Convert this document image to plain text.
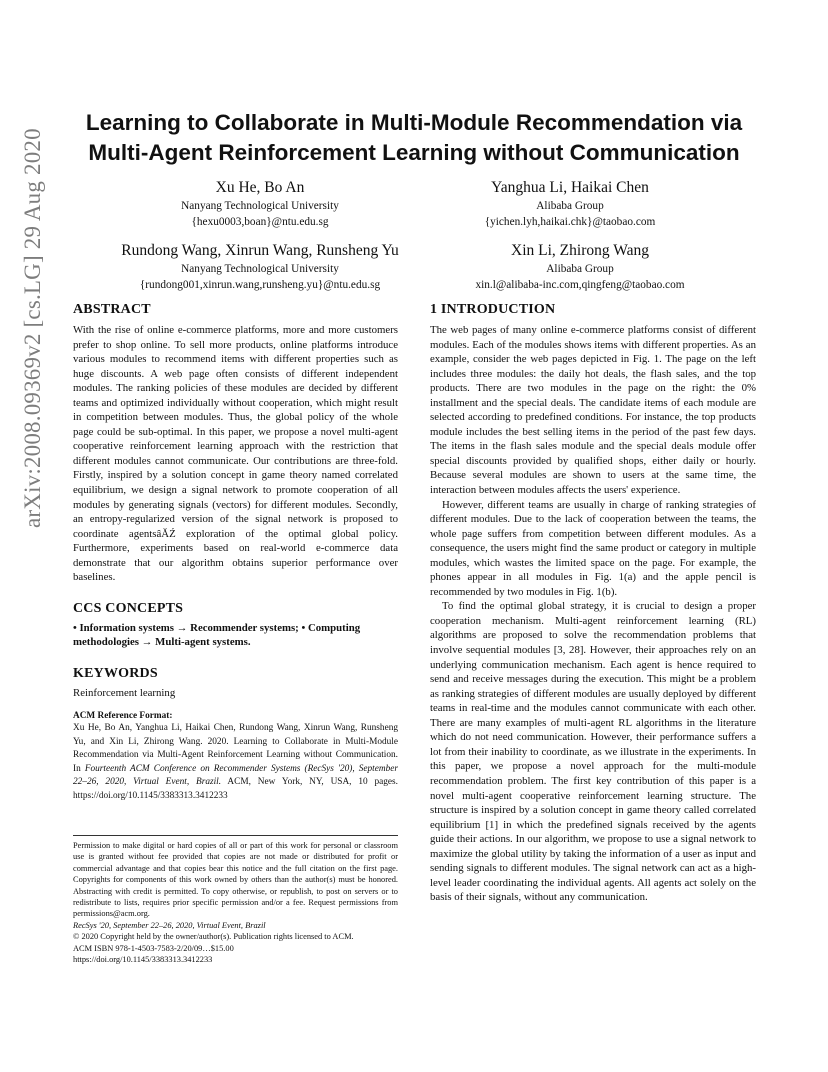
Learning to Collaborate in Multi-Module Recommendation via
Multi-Agent Reinforcement Learning without Communication
Xu He, Bo An
Nanyang Technological University
{hexu0003,boan}@ntu.edu.sg
Yanghua Li, Haikai Chen
Alibaba Group
{yichen.lyh,haikai.chk}@taobao.com
Rundong Wang, Xinrun Wang, Runsheng Yu
Nanyang Technological University
{rundong001,xinrun.wang,runsheng.yu}@ntu.edu.sg
Xin Li, Zhirong Wang
Alibaba Group
xin.l@alibaba-inc.com,qingfeng@taobao.com
arXiv:2008.09369v2 [cs.LG] 29 Aug 2020 ABSTRACT

With the rise of online e-commerce platforms, more and more customers prefer to shop online. To sell more products, online platforms introduce various modules to recommend items with different properties such as huge discounts. A web page often consists of different independent modules. The ranking policies of these modules are decided by different teams and optimized individually without cooperation, which might result in competition between modules. Thus, the global policy of the whole page could be sub-optimal. In this paper, we propose a novel multi-agent cooperative reinforcement learning approach with the restriction that different modules cannot communicate. Our contributions are three-fold. Firstly, inspired by a solution concept in game theory named correlated equilibrium, we design a signal network to promote cooperation of all modules by generating signals (vectors) for different modules. Secondly, an entropy-regularized version of the signal network is proposed to coordinate agentsâĂŹ exploration of the optimal global policy. Furthermore, experiments based on real-world e-commerce data demonstrate that our algorithm obtains superior performance over baselines.

CCS CONCEPTS

• Information systems → Recommender systems; • Computing methodologies → Multi-agent systems.

KEYWORDS

Reinforcement learning

ACM Reference Format:

Xu He, Bo An, Yanghua Li, Haikai Chen, Rundong Wang, Xinrun Wang, Runsheng Yu, and Xin Li, Zhirong Wang. 2020. Learning to Collaborate in Multi-Module Recommendation via Multi-Agent Reinforcement Learning without Communication. In Fourteenth ACM Conference on Recommender Systems (RecSys '20), September 22–26, 2020, Virtual Event, Brazil. ACM, New York, NY, USA, 10 pages. https://doi.org/10.1145/3383313.3412233

Permission to make digital or hard copies of all or part of this work for personal or classroom use is granted without fee provided that copies are not made or distributed for profit or commercial advantage and that copies bear this notice and the full citation on the first page. Copyrights for components of this work owned by others than the author(s) must be honored. Abstracting with credit is permitted. To copy otherwise, or republish, to post on servers or to redistribute to lists, requires prior specific permission and/or a fee. Request permissions from permissions@acm.org.

RecSys '20, September 22–26, 2020, Virtual Event, Brazil

© 2020 Copyright held by the owner/author(s). Publication rights licensed to ACM.

ACM ISBN 978-1-4503-7583-2/20/09…$15.00

https://doi.org/10.1145/3383313.3412233

1 INTRODUCTION

The web pages of many online e-commerce platforms consist of different modules. Each of the modules shows items with different properties. As an example, consider the web pages depicted in Fig. 1. The page on the left includes three modules: the daily hot deals, the flash sales, and the top products. There are two modules in the page on the right: the 0% installment and the special deals. The candidate items of each module are selected according to predefined conditions. For instance, the top products module includes the best selling items in the period of the past few days. The items in the flash sales module and the special deals module offer special discounts provided by qualified shops, either daily or hourly. Because several modules are shown to users at the same time, the interaction between modules affects the users' experience.

However, different teams are usually in charge of ranking strategies of different modules. Due to the lack of cooperation between the teams, the whole page suffers from competition between different modules. As a consequence, the users might find the same product or category in multiple modules, which wastes the limited space on the page. For example, the phones appear in all modules in Fig. 1(a) and the apple pencil is recommended by two modules in Fig. 1(b).

To find the optimal global strategy, it is crucial to design a proper cooperation mechanism. Multi-agent reinforcement learning (RL) algorithms are proposed to solve the recommendation problems that involve sequential modules [3, 28]. However, their approaches rely on an underlying communication mechanism. Each agent is hence required to send and receive messages during the execution. This might be a problem as ranking strategies of different modules are usually deployed by different teams in real-time and the modules cannot communicate with each other. There are many examples of multi-agent RL algorithms in the literature which do not need communication. However, their performance suffers a lot from their inability to coordinate, as we illustrate in the experiments. In this paper, we propose a novel approach for the multi-module recommendation problem. The first key contribution of this paper is a novel multi-agent cooperative reinforcement learning structure. The structure is inspired by a solution concept in game theory called correlated equilibrium [1] in which the predefined signals received by the agents guide their actions. In our algorithm, we propose to use a signal network to maximize the global utility by taking the information of a user as input and sending signals to different modules. The signal network can act as a high-level leader coordinating the individual agents. All agents act solely on the basis of their signals, without any communication.
